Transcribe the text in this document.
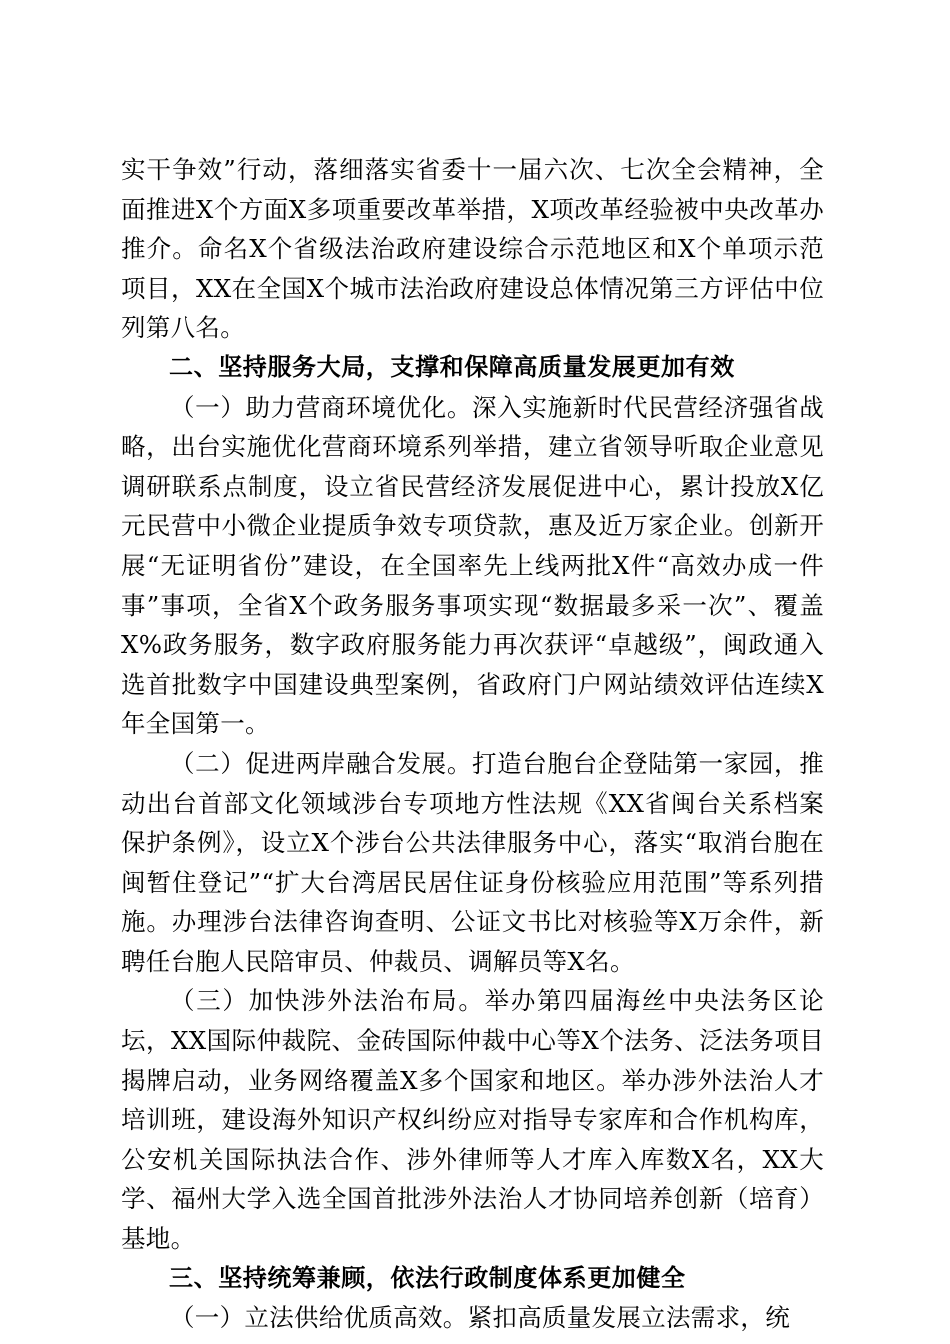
实干争效”行动，落细落实省委十一届六次、七次全会精神，全面推进X个方面X多项重要改革举措，X项改革经验被中央改革办推介。命名X个省级法治政府建设综合示范地区和X个单项示范项目，XX在全国X个城市法治政府建设总体情况第三方评估中位列第八名。

二、坚持服务大局，支撑和保障高质量发展更加有效

（一）助力营商环境优化。深入实施新时代民营经济强省战略，出台实施优化营商环境系列举措，建立省领导听取企业意见调研联系点制度，设立省民营经济发展促进中心，累计投放X亿元民营中小微企业提质争效专项贷款，惠及近万家企业。创新开展“无证明省份”建设，在全国率先上线两批X件“高效办成一件事”事项，全省X个政务服务事项实现“数据最多采一次”、覆盖X%政务服务，数字政府服务能力再次获评“卓越级”，闽政通入选首批数字中国建设典型案例，省政府门户网站绩效评估连续X年全国第一。

（二）促进两岸融合发展。打造台胞台企登陆第一家园，推动出台首部文化领域涉台专项地方性法规《XX省闽台关系档案保护条例》，设立X个涉台公共法律服务中心，落实“取消台胞在闽暂住登记”“扩大台湾居民居住证身份核验应用范围”等系列措施。办理涉台法律咨询查明、公证文书比对核验等X万余件，新聘任台胞人民陪审员、仲裁员、调解员等X名。

（三）加快涉外法治布局。举办第四届海丝中央法务区论坛，XX国际仲裁院、金砖国际仲裁中心等X个法务、泛法务项目揭牌启动，业务网络覆盖X多个国家和地区。举办涉外法治人才培训班，建设海外知识产权纠纷应对指导专家库和合作机构库，公安机关国际执法合作、涉外律师等人才库入库数X名，XX大学、福州大学入选全国首批涉外法治人才协同培养创新（培育）基地。

三、坚持统筹兼顾，依法行政制度体系更加健全

（一）立法供给优质高效。紧扣高质量发展立法需求，统
